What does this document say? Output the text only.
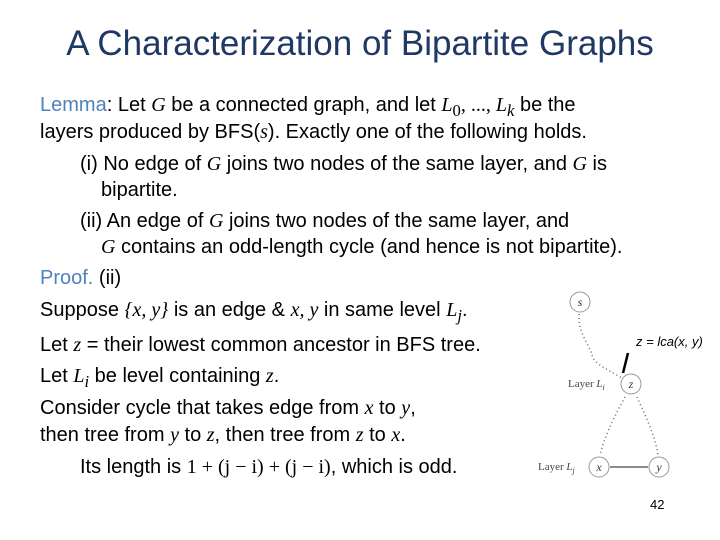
A Characterization of Bipartite Graphs
Lemma: Let G be a connected graph, and let $L_0$, ..., $L_k$ be the
layers produced by BFS(s). Exactly one of the following holds.
(i) No edge of G joins two nodes of the same layer, and G is
bipartite.
(ii) An edge of G joins two nodes of the same layer, and
G contains an odd-length cycle (and hence is not bipartite).
Proof. (ii)
Suppose {x, y} is an edge & x, y in same level $L_j$.
Let z = their lowest common ancestor in BFS tree.
Let $L_i$ be level containing z.
Consider cycle that takes edge from x to y,
then tree from y to z, then tree from z to x.
Its length is 1 + (j − i) + (j − i), which is odd.
s
z
x	y
Layer $L_i$
Layer $L_j$
z = lca(x, y)
42
